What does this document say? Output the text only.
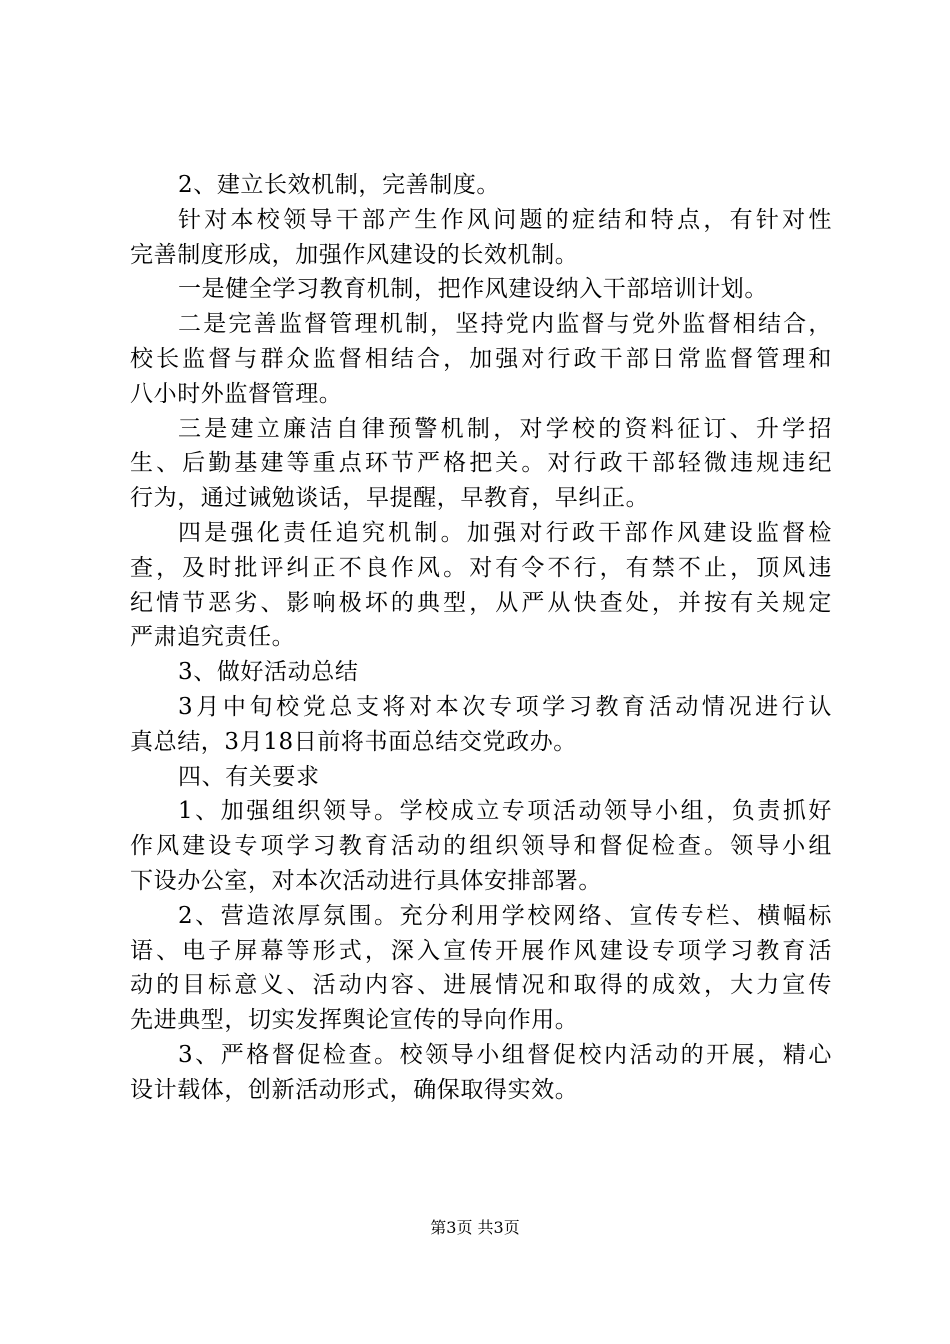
2、建立长效机制，完善制度。
针对本校领导干部产生作风问题的症结和特点，有针对性
完善制度形成，加强作风建设的长效机制。
一是健全学习教育机制，把作风建设纳入干部培训计划。
二是完善监督管理机制，坚持党内监督与党外监督相结合，
校长监督与群众监督相结合，加强对行政干部日常监督管理和
八小时外监督管理。
三是建立廉洁自律预警机制，对学校的资料征订、升学招
生、后勤基建等重点环节严格把关。对行政干部轻微违规违纪
行为，通过诫勉谈话，早提醒，早教育，早纠正。
四是强化责任追究机制。加强对行政干部作风建设监督检
查，及时批评纠正不良作风。对有令不行，有禁不止，顶风违
纪情节恶劣、影响极坏的典型，从严从快查处，并按有关规定
严肃追究责任。
3、做好活动总结
3月中旬校党总支将对本次专项学习教育活动情况进行认
真总结，3月18日前将书面总结交党政办。
四、有关要求
1、加强组织领导。学校成立专项活动领导小组，负责抓好
作风建设专项学习教育活动的组织领导和督促检查。领导小组
下设办公室，对本次活动进行具体安排部署。
2、营造浓厚氛围。充分利用学校网络、宣传专栏、横幅标
语、电子屏幕等形式，深入宣传开展作风建设专项学习教育活
动的目标意义、活动内容、进展情况和取得的成效，大力宣传
先进典型，切实发挥舆论宣传的导向作用。
3、严格督促检查。校领导小组督促校内活动的开展，精心
设计载体，创新活动形式，确保取得实效。
第3页 共3页
